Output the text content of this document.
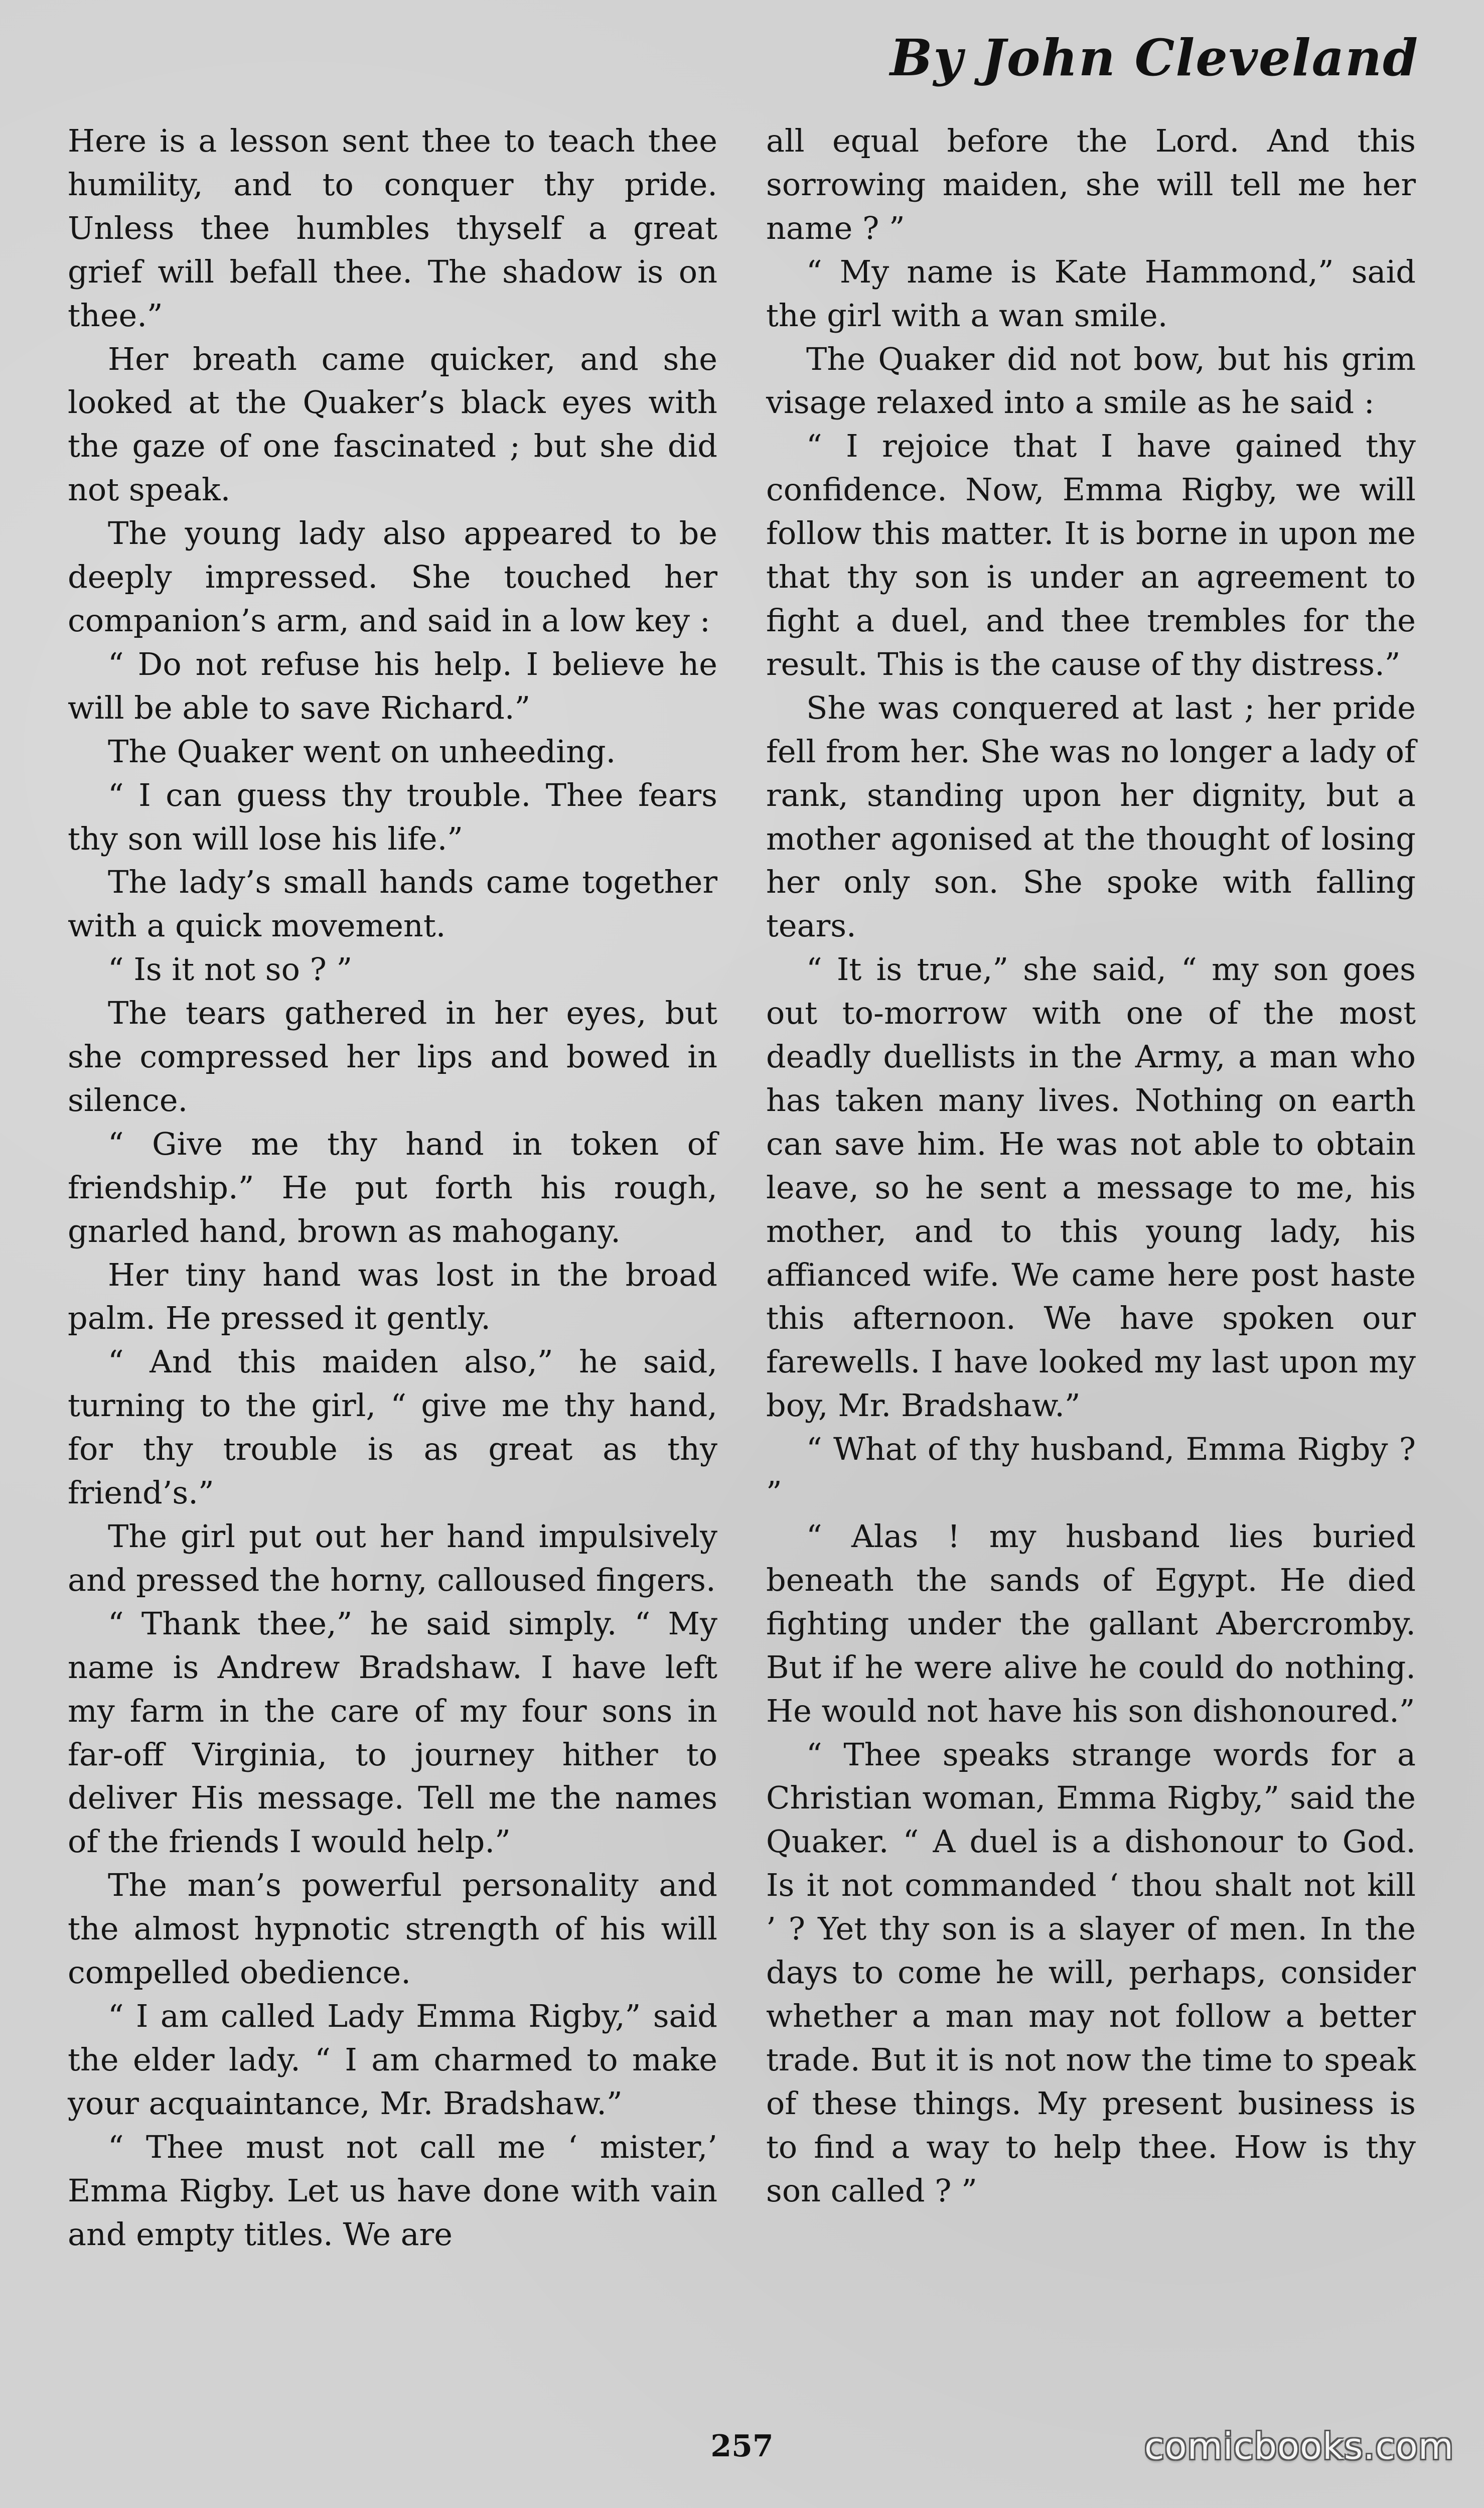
By John Cleveland

Here is a lesson sent thee to teach thee humility, and to conquer thy pride. Unless thee humbles thyself a great grief will befall thee. The shadow is on thee.”

Her breath came quicker, and she looked at the Quaker’s black eyes with the gaze of one fascinated ; but she did not speak.

The young lady also appeared to be deeply impressed. She touched her companion’s arm, and said in a low key :

“ Do not refuse his help. I believe he will be able to save Richard.”

The Quaker went on unheeding.

“ I can guess thy trouble. Thee fears thy son will lose his life.”

The lady’s small hands came together with a quick movement.

“ Is it not so ? ”

The tears gathered in her eyes, but she compressed her lips and bowed in silence.

“ Give me thy hand in token of friendship.” He put forth his rough, gnarled hand, brown as mahogany.

Her tiny hand was lost in the broad palm. He pressed it gently.

“ And this maiden also,” he said, turning to the girl, “ give me thy hand, for thy trouble is as great as thy friend’s.”

The girl put out her hand impulsively and pressed the horny, calloused fingers.

“ Thank thee,” he said simply. “ My name is Andrew Bradshaw. I have left my farm in the care of my four sons in far-off Virginia, to journey hither to deliver His message. Tell me the names of the friends I would help.”

The man’s powerful personality and the almost hypnotic strength of his will compelled obedience.

“ I am called Lady Emma Rigby,” said the elder lady. “ I am charmed to make your acquaintance, Mr. Bradshaw.”

“ Thee must not call me ‘ mister,’ Emma Rigby. Let us have done with vain and empty titles. We are

all equal before the Lord. And this sorrowing maiden, she will tell me her name ? ”

“ My name is Kate Hammond,” said the girl with a wan smile.

The Quaker did not bow, but his grim visage relaxed into a smile as he said :

“ I rejoice that I have gained thy confidence. Now, Emma Rigby, we will follow this matter. It is borne in upon me that thy son is under an agreement to fight a duel, and thee trembles for the result. This is the cause of thy distress.”

She was conquered at last ; her pride fell from her. She was no longer a lady of rank, standing upon her dignity, but a mother agonised at the thought of losing her only son. She spoke with falling tears.

“ It is true,” she said, “ my son goes out to-morrow with one of the most deadly duellists in the Army, a man who has taken many lives. Nothing on earth can save him. He was not able to obtain leave, so he sent a message to me, his mother, and to this young lady, his affianced wife. We came here post haste this afternoon. We have spoken our farewells. I have looked my last upon my boy, Mr. Bradshaw.”

“ What of thy husband, Emma Rigby ? ”

“ Alas ! my husband lies buried beneath the sands of Egypt. He died fighting under the gallant Abercromby. But if he were alive he could do nothing. He would not have his son dishonoured.”

“ Thee speaks strange words for a Christian woman, Emma Rigby,” said the Quaker. “ A duel is a dishonour to God. Is it not commanded ‘ thou shalt not kill ’ ? Yet thy son is a slayer of men. In the days to come he will, perhaps, consider whether a man may not follow a better trade. But it is not now the time to speak of these things. My present business is to find a way to help thee. How is thy son called ? ”

257	comicbooks.com
